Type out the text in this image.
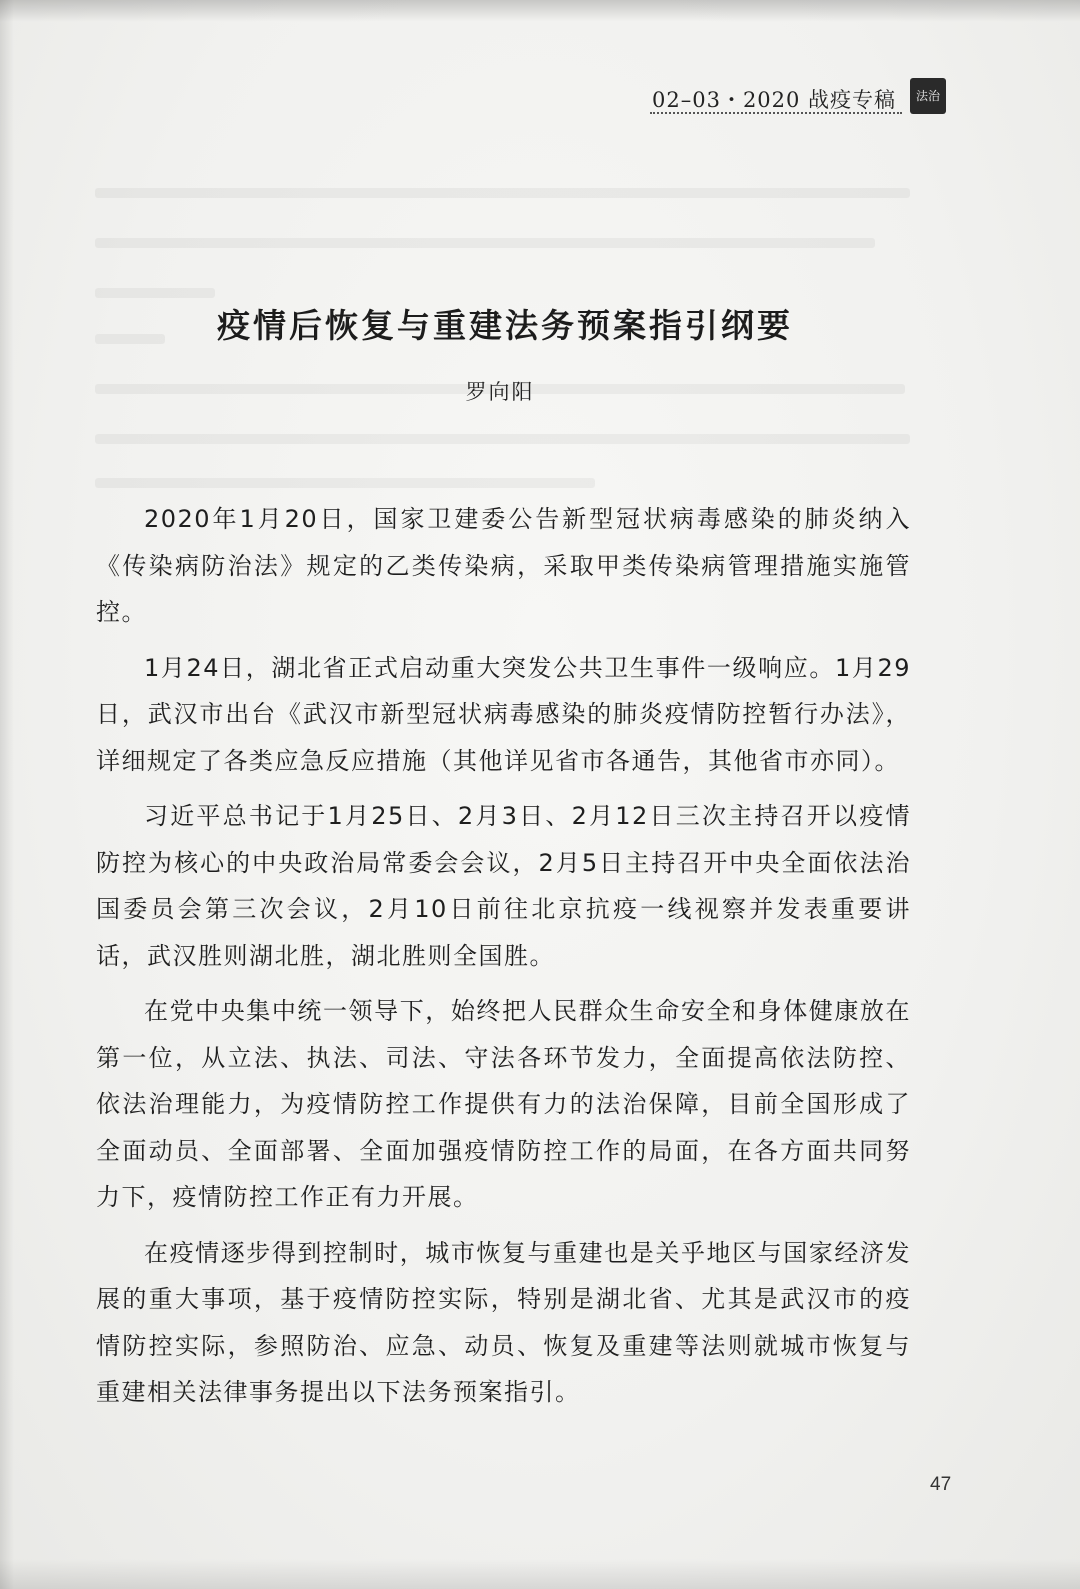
02–03・2020 战疫专稿	法治
疫情后恢复与重建法务预案指引纲要
罗向阳

2020年1月20日，国家卫建委公告新型冠状病毒感染的肺炎纳入《传染病防治法》规定的乙类传染病，采取甲类传染病管理措施实施管控。

1月24日，湖北省正式启动重大突发公共卫生事件一级响应。1月29日，武汉市出台《武汉市新型冠状病毒感染的肺炎疫情防控暂行办法》，详细规定了各类应急反应措施（其他详见省市各通告，其他省市亦同）。

习近平总书记于1月25日、2月3日、2月12日三次主持召开以疫情防控为核心的中央政治局常委会会议，2月5日主持召开中央全面依法治国委员会第三次会议，2月10日前往北京抗疫一线视察并发表重要讲话，武汉胜则湖北胜，湖北胜则全国胜。

在党中央集中统一领导下，始终把人民群众生命安全和身体健康放在第一位，从立法、执法、司法、守法各环节发力，全面提高依法防控、依法治理能力，为疫情防控工作提供有力的法治保障，目前全国形成了全面动员、全面部署、全面加强疫情防控工作的局面，在各方面共同努力下，疫情防控工作正有力开展。

在疫情逐步得到控制时，城市恢复与重建也是关乎地区与国家经济发展的重大事项，基于疫情防控实际，特别是湖北省、尤其是武汉市的疫情防控实际，参照防治、应急、动员、恢复及重建等法则就城市恢复与重建相关法律事务提出以下法务预案指引。

47
